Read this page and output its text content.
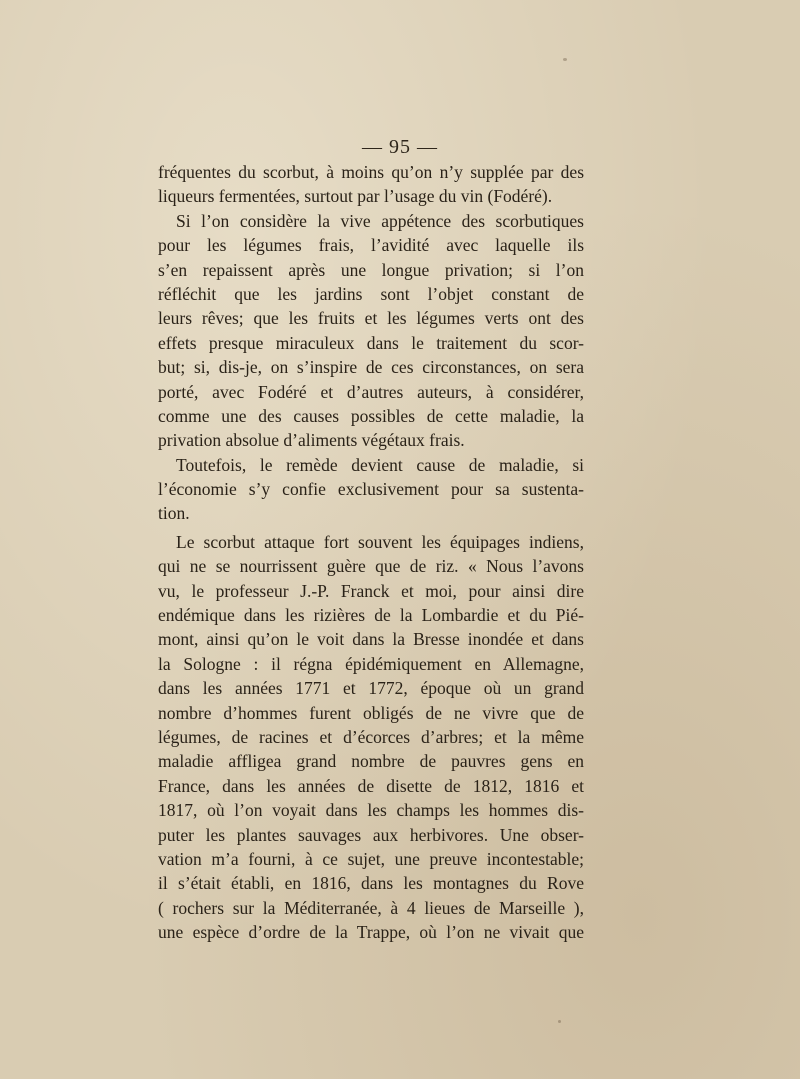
— 95 —
fréquentes du scorbut, à moins qu’on n’y supplée par des
liqueurs fermentées, surtout par l’usage du vin (Fodéré).
Si l’on considère la vive appétence des scorbutiques
pour les légumes frais, l’avidité avec laquelle ils
s’en repaissent après une longue privation; si l’on
réfléchit que les jardins sont l’objet constant de
leurs rêves; que les fruits et les légumes verts ont des
effets presque miraculeux dans le traitement du scor-
but; si, dis-je, on s’inspire de ces circonstances, on sera
porté, avec Fodéré et d’autres auteurs, à considérer,
comme une des causes possibles de cette maladie, la
privation absolue d’aliments végétaux frais.
Toutefois, le remède devient cause de maladie, si
l’économie s’y confie exclusivement pour sa sustenta-
tion.
Le scorbut attaque fort souvent les équipages indiens,
qui ne se nourrissent guère que de riz. « Nous l’avons
vu, le professeur J.-P. Franck et moi, pour ainsi dire
endémique dans les rizières de la Lombardie et du Pié-
mont, ainsi qu’on le voit dans la Bresse inondée et dans
la Sologne : il régna épidémiquement en Allemagne,
dans les années 1771 et 1772, époque où un grand
nombre d’hommes furent obligés de ne vivre que de
légumes, de racines et d’écorces d’arbres; et la même
maladie affligea grand nombre de pauvres gens en
France, dans les années de disette de 1812, 1816 et
1817, où l’on voyait dans les champs les hommes dis-
puter les plantes sauvages aux herbivores. Une obser-
vation m’a fourni, à ce sujet, une preuve incontestable;
il s’était établi, en 1816, dans les montagnes du Rove
( rochers sur la Méditerranée, à 4 lieues de Marseille ),
une espèce d’ordre de la Trappe, où l’on ne vivait que
